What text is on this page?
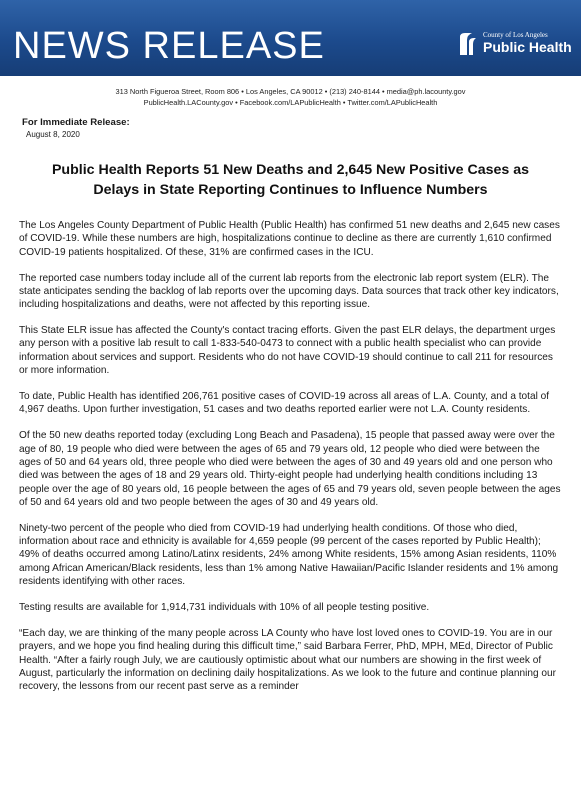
NEWS RELEASE	County of Los Angeles
Public Health
313 North Figueroa Street, Room 806 • Los Angeles, CA 90012 • (213) 240-8144 • media@ph.lacounty.gov
PublicHealth.LACounty.gov • Facebook.com/LAPublicHealth • Twitter.com/LAPublicHealth
For Immediate Release:
August 8, 2020
Public Health Reports 51 New Deaths and 2,645 New Positive Cases as
Delays in State Reporting Continues to Influence Numbers

The Los Angeles County Department of Public Health (Public Health) has confirmed 51 new deaths and 2,645 new cases of COVID-19. While these numbers are high, hospitalizations continue to decline as there are currently 1,610 confirmed COVID-19 patients hospitalized. Of these, 31% are confirmed cases in the ICU.

The reported case numbers today include all of the current lab reports from the electronic lab report system (ELR). The state anticipates sending the backlog of lab reports over the upcoming days. Data sources that track other key indicators, including hospitalizations and deaths, were not affected by this reporting issue.

This State ELR issue has affected the County's contact tracing efforts. Given the past ELR delays, the department urges any person with a positive lab result to call 1-833-540-0473 to connect with a public health specialist who can provide information about services and support. Residents who do not have COVID-19 should continue to call 211 for resources or more information.

To date, Public Health has identified 206,761 positive cases of COVID-19 across all areas of L.A. County, and a total of 4,967 deaths. Upon further investigation, 51 cases and two deaths reported earlier were not L.A. County residents.

Of the 50 new deaths reported today (excluding Long Beach and Pasadena), 15 people that passed away were over the age of 80, 19 people who died were between the ages of 65 and 79 years old, 12 people who died were between the ages of 50 and 64 years old, three people who died were between the ages of 30 and 49 years old and one person who died was between the ages of 18 and 29 years old. Thirty-eight people had underlying health conditions including 13 people over the age of 80 years old, 16 people between the ages of 65 and 79 years old, seven people between the ages of 50 and 64 years old and two people between the ages of 30 and 49 years old.

Ninety-two percent of the people who died from COVID-19 had underlying health conditions. Of those who died, information about race and ethnicity is available for 4,659 people (99 percent of the cases reported by Public Health); 49% of deaths occurred among Latino/Latinx residents, 24% among White residents, 15% among Asian residents, 110% among African American/Black residents, less than 1% among Native Hawaiian/Pacific Islander residents and 1% among residents identifying with other races.

Testing results are available for 1,914,731 individuals with 10% of all people testing positive.

“Each day, we are thinking of the many people across LA County who have lost loved ones to COVID-19. You are in our prayers, and we hope you find healing during this difficult time,” said Barbara Ferrer, PhD, MPH, MEd, Director of Public Health. “After a fairly rough July, we are cautiously optimistic about what our numbers are showing in the first week of August, particularly the information on declining daily hospitalizations. As we look to the future and continue planning our recovery, the lessons from our recent past serve as a reminder
